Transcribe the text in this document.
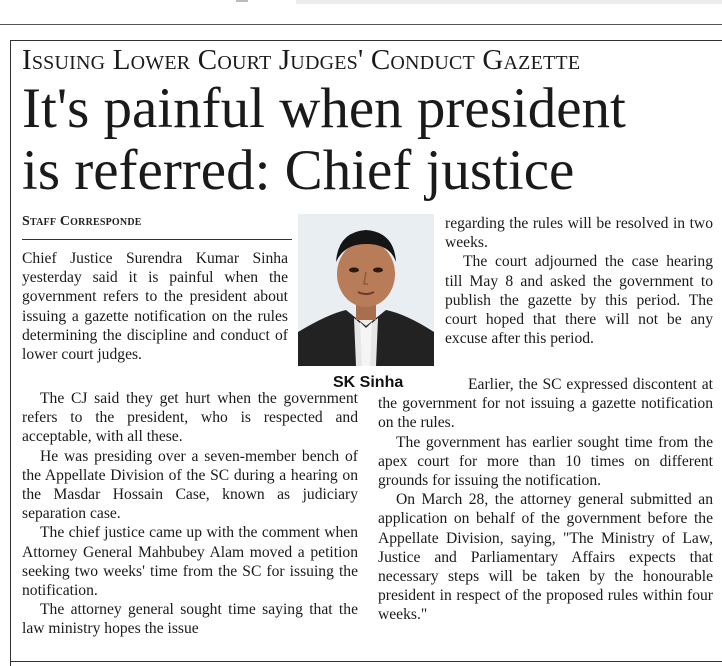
Issuing Lower Court Judges' Conduct Gazette
It's painful when president
is referred: Chief justice
Staff Corresponde

Chief Justice Surendra Kumar Sinha yesterday said it is painful when the government refers to the president about issuing a gazette notification on the rules determining the discipline and conduct of lower court judges.

The CJ said they get hurt when the government refers to the president, who is respected and acceptable, with all these.

He was presiding over a seven-member bench of the Appellate Division of the SC during a hearing on the Masdar Hossain Case, known as judiciary separation case.

The chief justice came up with the comment when Attorney General Mahbubey Alam moved a petition seeking two weeks' time from the SC for issuing the notification.

The attorney general sought time saying that the law ministry hopes the issue

SK Sinha

regarding the rules will be resolved in two weeks.

The court adjourned the case hearing till May 8 and asked the government to publish the gazette by this period. The court hoped that there will not be any excuse after this period.

Earlier, the SC expressed discontent at the government for not issuing a gazette notification on the rules.

The government has earlier sought time from the apex court for more than 10 times on different grounds for issuing the notification.

On March 28, the attorney general submitted an application on behalf of the government before the Appellate Division, saying, "The Ministry of Law, Justice and Parliamentary Affairs expects that necessary steps will be taken by the honourable president in respect of the proposed rules within four weeks."
